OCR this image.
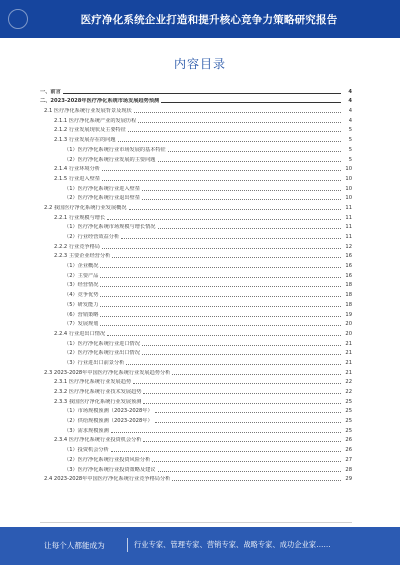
医疗净化系统企业打造和提升核心竞争力策略研究报告
内容目录
一、前言	4
二、2023-2028年医疗净化系统市场发展趋势预测	4
2.1 医疗净化系统行业发展背景及现状	4
2.1.1 医疗净化系统产业的发展历程	4
2.1.2 行业发展现状及主要特征	5
2.1.3 行业发展存在的问题	5
（1）医疗净化系统行业市场发展的基本特征	5
（2）医疗净化系统行业发展的主要问题	5
2.1.4 行业环境分析	10
2.1.5 行业进入壁垒	10
（1）医疗净化系统行业进入壁垒	10
（2）医疗净化系统行业退出壁垒	10
2.2 我国医疗净化系统行业发展概况	11
2.2.1 行业规模与增长	11
（1）医疗净化系统市场规模与增长情况	11
（2）行业经营效益分析	11
2.2.2 行业竞争格局	12
2.2.3 主要企业经营分析	16
（1）企业概况	16
（2）主要产品	16
（3）经营情况	18
（4）竞争优势	18
（5）研发能力	18
（6）营销策略	19
（7）发展规划	20
2.2.4 行业进出口情况	20
（1）医疗净化系统行业进口情况	21
（2）医疗净化系统行业出口情况	21
（3）行业进出口前景分析	21
2.3 2023-2028年中国医疗净化系统行业发展趋势分析	21
2.3.1 医疗净化系统行业发展趋势	22
2.3.2 医疗净化系统行业技术发展趋势	22
2.3.3 我国医疗净化系统行业发展预测	25
（1）市场规模预测（2023-2028年）	25
（2）供给规模预测（2023-2028年）	25
（3）需求规模预测	25
2.3.4 医疗净化系统行业投资机会分析	26
（1）投资机会分析	26
（2）医疗净化系统行业投资风险分析	27
（3）医疗净化系统行业投资策略及建议	28
2.4 2023-2028年中国医疗净化系统行业竞争格局分析	29
让每个人都能成为	行业专家、管理专家、营销专家、战略专家、成功企业家……
